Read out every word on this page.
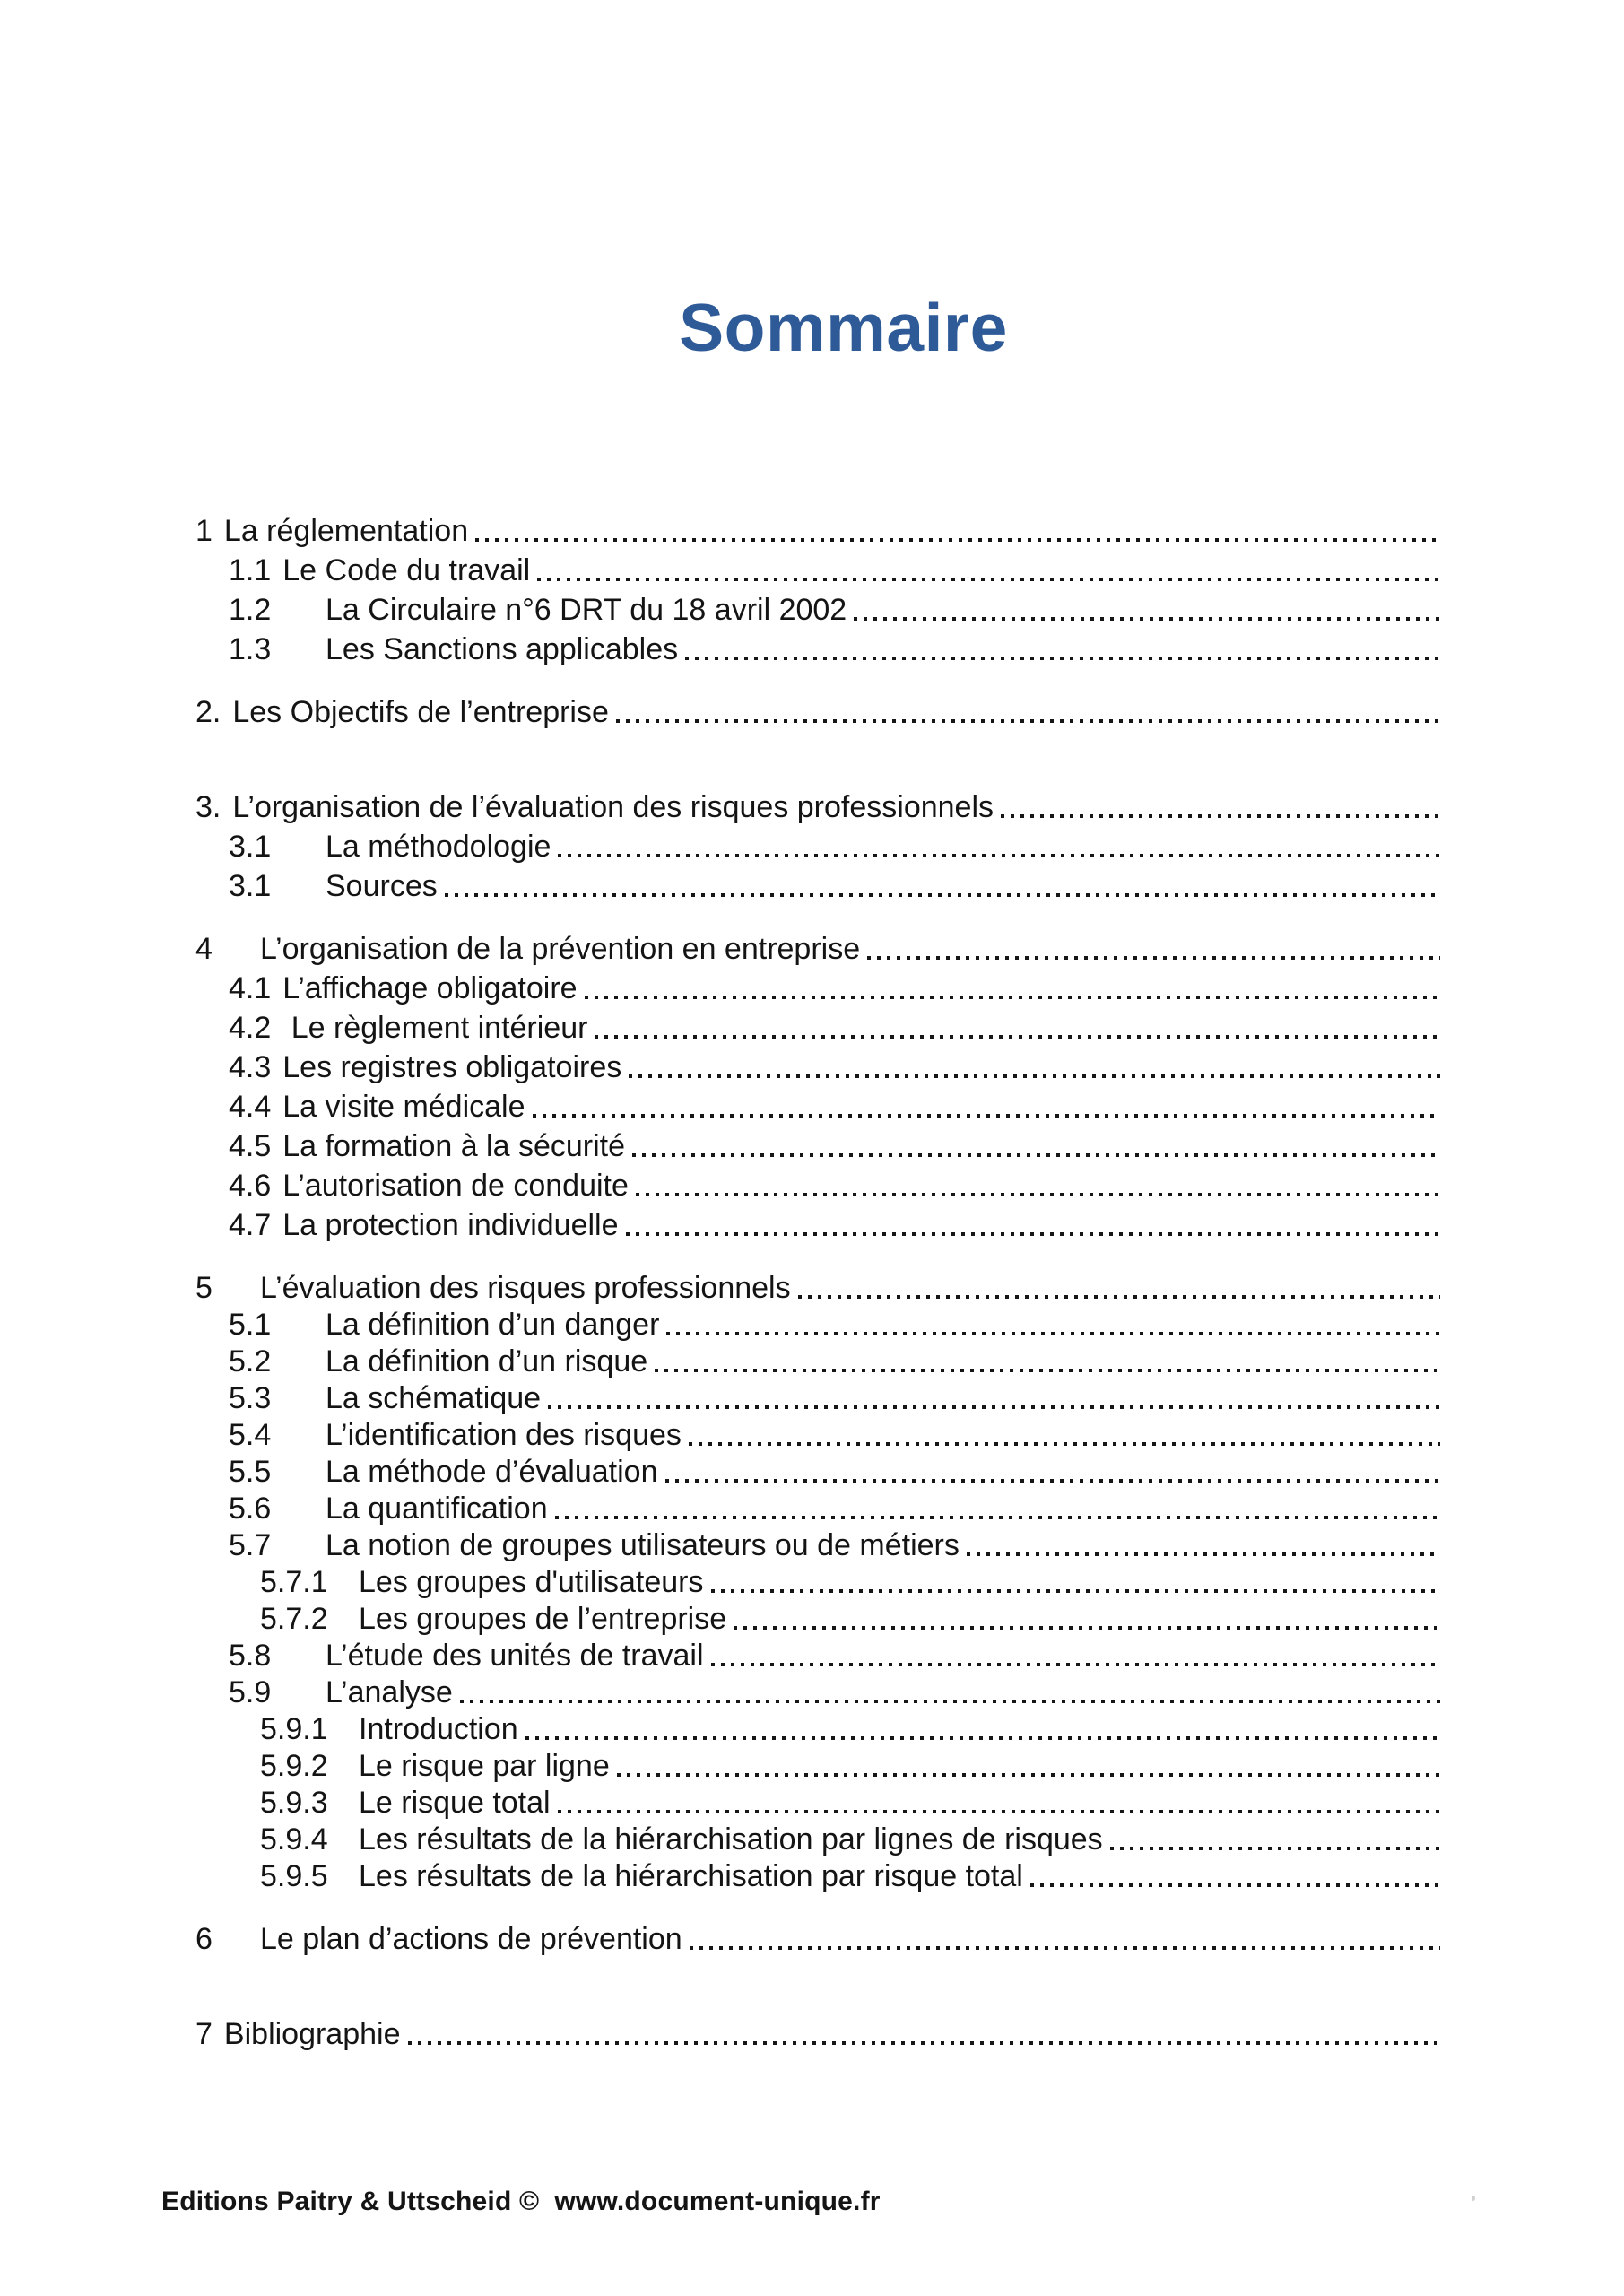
Sommaire
1 La réglementation
1.1 Le Code du travail
1.2	La Circulaire n°6 DRT du 18 avril 2002
1.3	Les Sanctions applicables
2. Les Objectifs de l’entreprise
3. L’organisation de l’évaluation des risques professionnels
3.1	La méthodologie
3.1	Sources
4	L’organisation de la prévention en entreprise
4.1 L’affichage obligatoire
4.2 Le règlement intérieur
4.3 Les registres obligatoires
4.4 La visite médicale
4.5 La formation à la sécurité
4.6 L’autorisation de conduite
4.7 La protection individuelle
5	L’évaluation des risques professionnels
5.1	La définition d’un danger
5.2	La définition d’un risque
5.3	La schématique
5.4	L’identification des risques
5.5	La méthode d’évaluation
5.6	La quantification
5.7	La notion de groupes utilisateurs ou de métiers
5.7.1	Les groupes d'utilisateurs
5.7.2	Les groupes de l’entreprise
5.8	L’étude des unités de travail
5.9	L’analyse
5.9.1	Introduction
5.9.2	Le risque par ligne
5.9.3	Le risque total
5.9.4	Les résultats de la hiérarchisation par lignes de risques
5.9.5	Les résultats de la hiérarchisation par risque total
6	Le plan d’actions de prévention
7 Bibliographie
Editions Paitry & Uttscheid ©  www.document-unique.fr
